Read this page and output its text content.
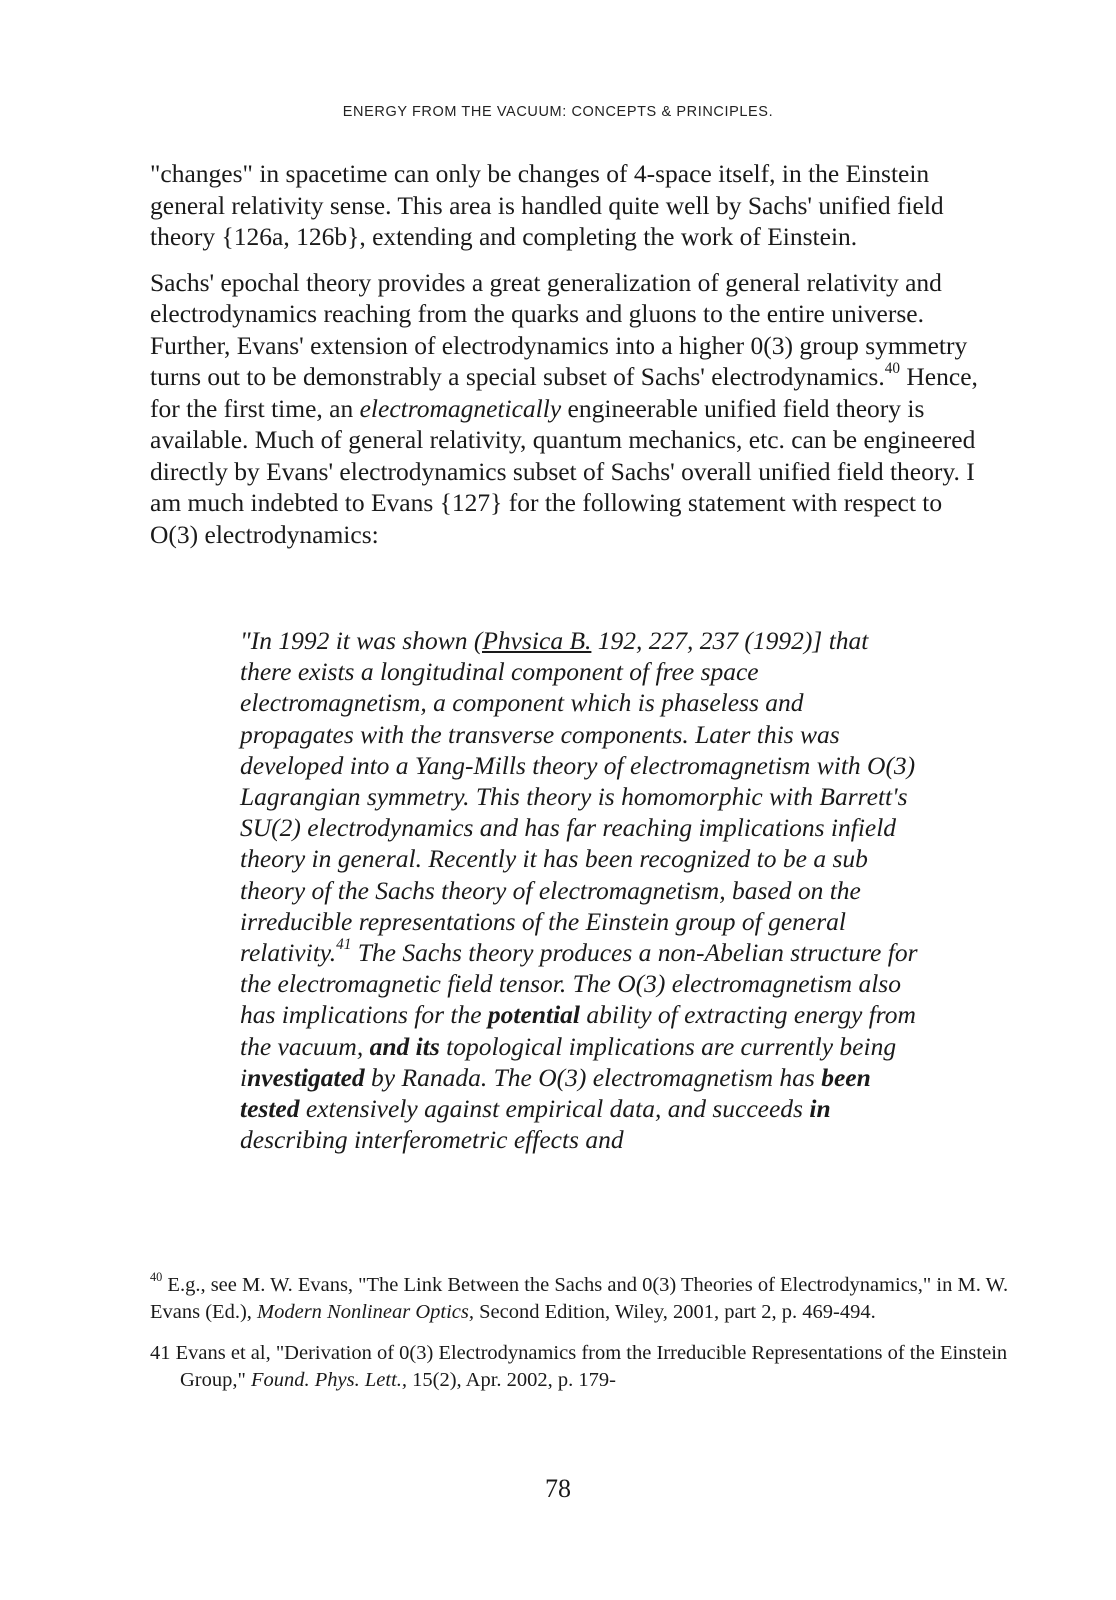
ENERGY FROM THE VACUUM: CONCEPTS & PRINCIPLES.

"changes" in spacetime can only be changes of 4-space itself, in the Einstein general relativity sense. This area is handled quite well by Sachs' unified field theory {126a, 126b}, extending and completing the work of Einstein.

Sachs' epochal theory provides a great generalization of general relativity and electrodynamics reaching from the quarks and gluons to the entire universe. Further, Evans' extension of electrodynamics into a higher 0(3) group symmetry turns out to be demonstrably a special subset of Sachs' electrodynamics.$^{40}$ Hence, for the first time, an electromagnetically engineerable unified field theory is available. Much of general relativity, quantum mechanics, etc. can be engineered directly by Evans' electrodynamics subset of Sachs' overall unified field theory. I am much indebted to Evans {127} for the following statement with respect to O(3) electrodynamics:

"In 1992 it was shown (Phvsica B. 192, 227, 237 (1992)] that there exists a longitudinal component of free space electromagnetism, a component which is phaseless and propagates with the transverse components. Later this was developed into a Yang-Mills theory of electromagnetism with O(3) Lagrangian symmetry. This theory is homomorphic with Barrett's SU(2) electrodynamics and has far reaching implications infield theory in general. Recently it has been recognized to be a sub theory of the Sachs theory of electromagnetism, based on the irreducible representations of the Einstein group of general relativity.$^{41}$ The Sachs theory produces a non-Abelian structure for the electromagnetic field tensor. The O(3) electromagnetism also has implications for the potential ability of extracting energy from the vacuum, and its topological implications are currently being investigated by Ranada. The O(3) electromagnetism has been tested extensively against empirical data, and succeeds in describing interferometric effects and
$^{40}$ E.g., see M. W. Evans, "The Link Between the Sachs and 0(3) Theories of Electrodynamics," in M. W. Evans (Ed.), Modern Nonlinear Optics, Second Edition, Wiley, 2001, part 2, p. 469-494.
41 Evans et al, "Derivation of 0(3) Electrodynamics from the Irreducible Representations of the Einstein Group," Found. Phys. Lett., 15(2), Apr. 2002, p. 179-
78
